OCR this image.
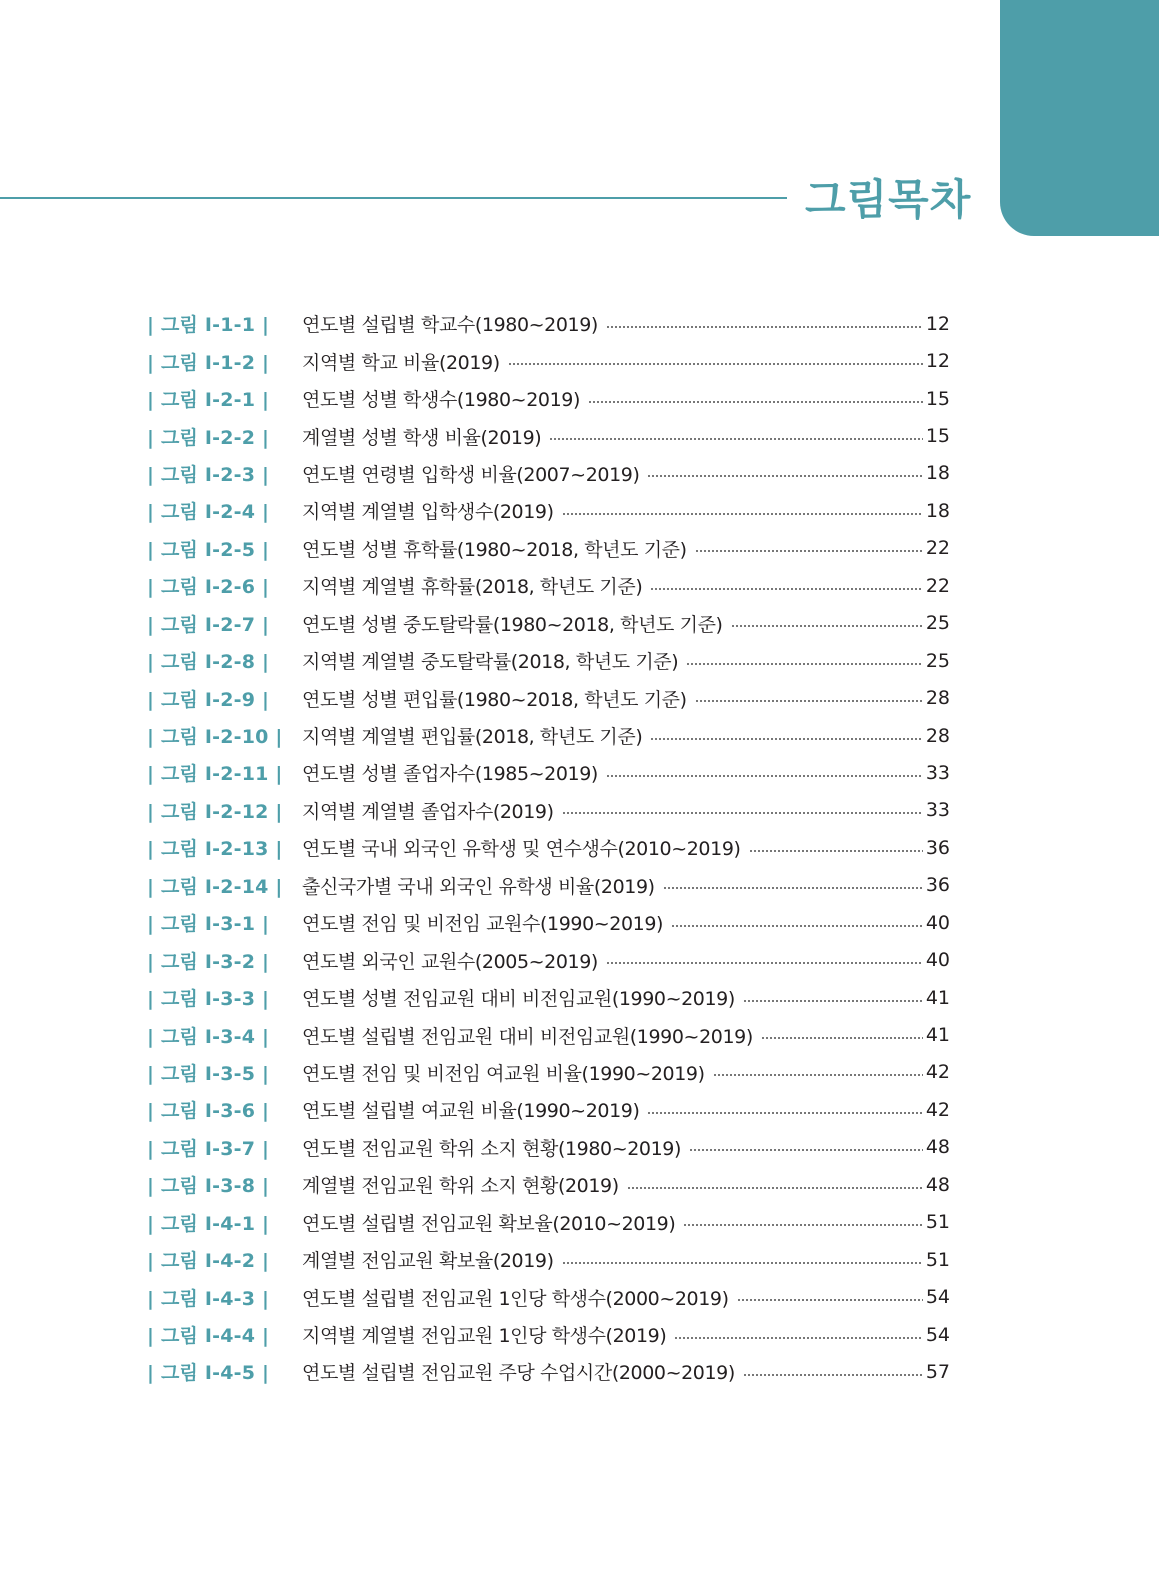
그림목차
| 그림 Ⅰ-1-1 |	연도별 설립별 학교수(1980~2019)	12
| 그림 Ⅰ-1-2 |	지역별 학교 비율(2019)	12
| 그림 Ⅰ-2-1 |	연도별 성별 학생수(1980~2019)	15
| 그림 Ⅰ-2-2 |	계열별 성별 학생 비율(2019)	15
| 그림 Ⅰ-2-3 |	연도별 연령별 입학생 비율(2007~2019)	18
| 그림 Ⅰ-2-4 |	지역별 계열별 입학생수(2019)	18
| 그림 Ⅰ-2-5 |	연도별 성별 휴학률(1980~2018, 학년도 기준)	22
| 그림 Ⅰ-2-6 |	지역별 계열별 휴학률(2018, 학년도 기준)	22
| 그림 Ⅰ-2-7 |	연도별 성별 중도탈락률(1980~2018, 학년도 기준)	25
| 그림 Ⅰ-2-8 |	지역별 계열별 중도탈락률(2018, 학년도 기준)	25
| 그림 Ⅰ-2-9 |	연도별 성별 편입률(1980~2018, 학년도 기준)	28
| 그림 Ⅰ-2-10 |	지역별 계열별 편입률(2018, 학년도 기준)	28
| 그림 Ⅰ-2-11 |	연도별 성별 졸업자수(1985~2019)	33
| 그림 Ⅰ-2-12 |	지역별 계열별 졸업자수(2019)	33
| 그림 Ⅰ-2-13 |	연도별 국내 외국인 유학생 및 연수생수(2010~2019)	36
| 그림 Ⅰ-2-14 |	출신국가별 국내 외국인 유학생 비율(2019)	36
| 그림 Ⅰ-3-1 |	연도별 전임 및 비전임 교원수(1990~2019)	40
| 그림 Ⅰ-3-2 |	연도별 외국인 교원수(2005~2019)	40
| 그림 Ⅰ-3-3 |	연도별 성별 전임교원 대비 비전임교원(1990~2019)	41
| 그림 Ⅰ-3-4 |	연도별 설립별 전임교원 대비 비전임교원(1990~2019)	41
| 그림 Ⅰ-3-5 |	연도별 전임 및 비전임 여교원 비율(1990~2019)	42
| 그림 Ⅰ-3-6 |	연도별 설립별 여교원 비율(1990~2019)	42
| 그림 Ⅰ-3-7 |	연도별 전임교원 학위 소지 현황(1980~2019)	48
| 그림 Ⅰ-3-8 |	계열별 전임교원 학위 소지 현황(2019)	48
| 그림 Ⅰ-4-1 |	연도별 설립별 전임교원 확보율(2010~2019)	51
| 그림 Ⅰ-4-2 |	계열별 전임교원 확보율(2019)	51
| 그림 Ⅰ-4-3 |	연도별 설립별 전임교원 1인당 학생수(2000~2019)	54
| 그림 Ⅰ-4-4 |	지역별 계열별 전임교원 1인당 학생수(2019)	54
| 그림 Ⅰ-4-5 |	연도별 설립별 전임교원 주당 수업시간(2000~2019)	57
